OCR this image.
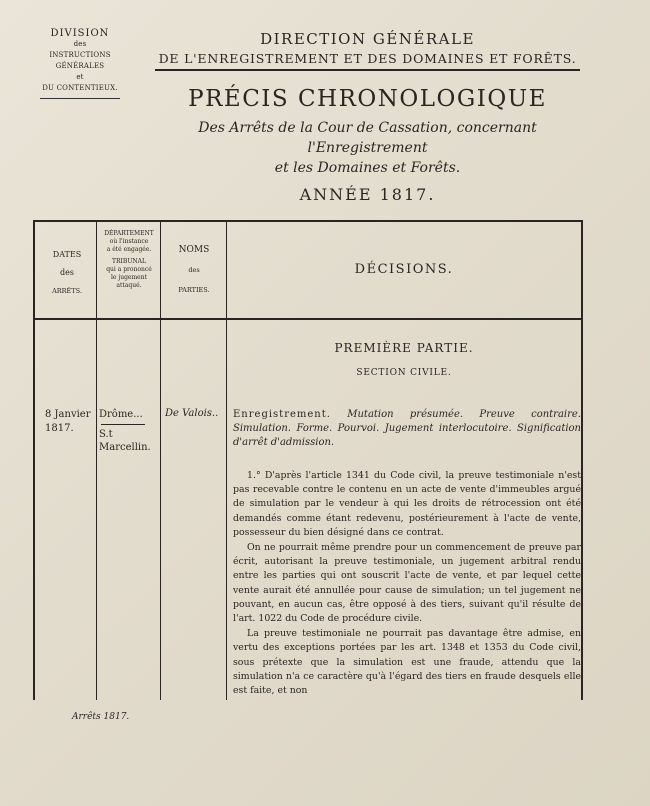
DIVISION
des
INSTRUCTIONS GÉNÉRALES
et
DU CONTENTIEUX.
DIRECTION GÉNÉRALE
DE L'ENREGISTREMENT ET DES DOMAINES ET FORÊTS.
PRÉCIS CHRONOLOGIQUE
Des Arrêts de la Cour de Cassation, concernant l'Enregistrement
et les Domaines et Forêts.
ANNÉE 1817.
DATES
des
ARRÊTS.
DÉPARTEMENT
où l'instance
a été engagée.
TRIBUNAL
qui a prononcé
le jugement
attaqué.
NOMS
des
PARTIES.
DÉCISIONS.
PREMIÈRE PARTIE.
SECTION CIVILE.
8 Janvier
1817.
Drôme...
S.t Marcellin.
De Valois..	Enregistrement. Mutation présumée. Preuve contraire. Simulation. Forme. Pourvoi. Jugement interlocutoire. Signification d'arrêt d'admission.

1.° D'après l'article 1341 du Code civil, la preuve testimoniale n'est pas recevable contre le contenu en un acte de vente d'immeubles argué de simulation par le vendeur à qui les droits de rétrocession ont été demandés comme étant redevenu, postérieurement à l'acte de vente, possesseur du bien désigné dans ce contrat.

On ne pourrait même prendre pour un commencement de preuve par écrit, autorisant la preuve testimoniale, un jugement arbitral rendu entre les parties qui ont souscrit l'acte de vente, et par lequel cette vente aurait été annullée pour cause de simulation; un tel jugement ne pouvant, en aucun cas, être opposé à des tiers, suivant qu'il résulte de l'art. 1022 du Code de procédure civile.

La preuve testimoniale ne pourrait pas davantage être admise, en vertu des exceptions portées par les art. 1348 et 1353 du Code civil, sous prétexte que la simulation est une fraude, attendu que la simulation n'a ce caractère qu'à l'égard des tiers en fraude desquels elle est faite, et non

Arrêts 1817.
